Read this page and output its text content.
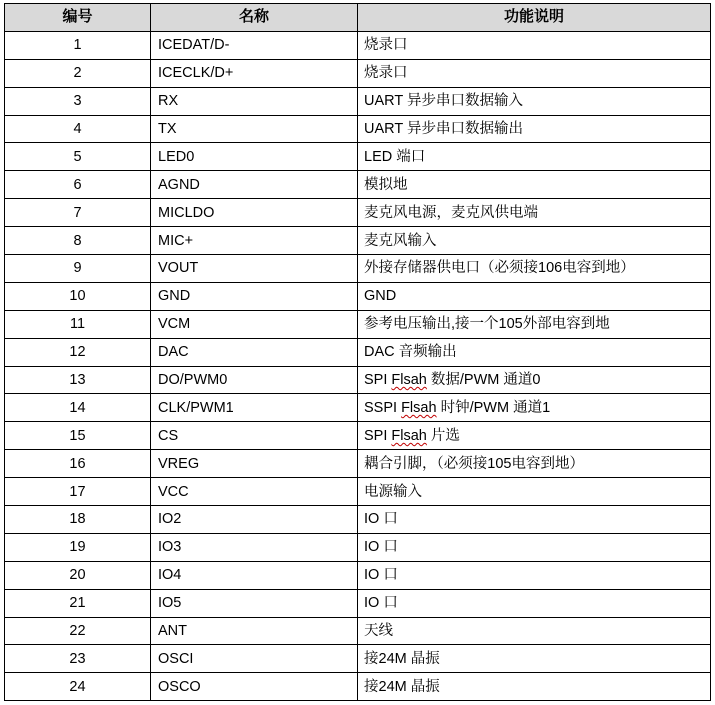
编号	名称	功能说明
1	ICEDAT/D-	烧录口
2	ICECLK/D+	烧录口
3	RX	UART 异步串口数据输入
4	TX	UART 异步串口数据输出
5	LED0	LED 端口
6	AGND	模拟地
7	MICLDO	麦克风电源，麦克风供电端
8	MIC+	麦克风输入
9	VOUT	外接存储器供电口（必须接106电容到地）
10	GND	GND
11	VCM	参考电压输出,接一个105外部电容到地
12	DAC	DAC 音频输出
13	DO/PWM0	SPI Flsah 数据/PWM 通道0
14	CLK/PWM1	SSPI Flsah 时钟/PWM 通道1
15	CS	SPI Flsah 片选
16	VREG	耦合引脚，（必须接105电容到地）
17	VCC	电源输入
18	IO2	IO 口
19	IO3	IO 口
20	IO4	IO 口
21	IO5	IO 口
22	ANT	天线
23	OSCI	接24M 晶振
24	OSCO	接24M 晶振
